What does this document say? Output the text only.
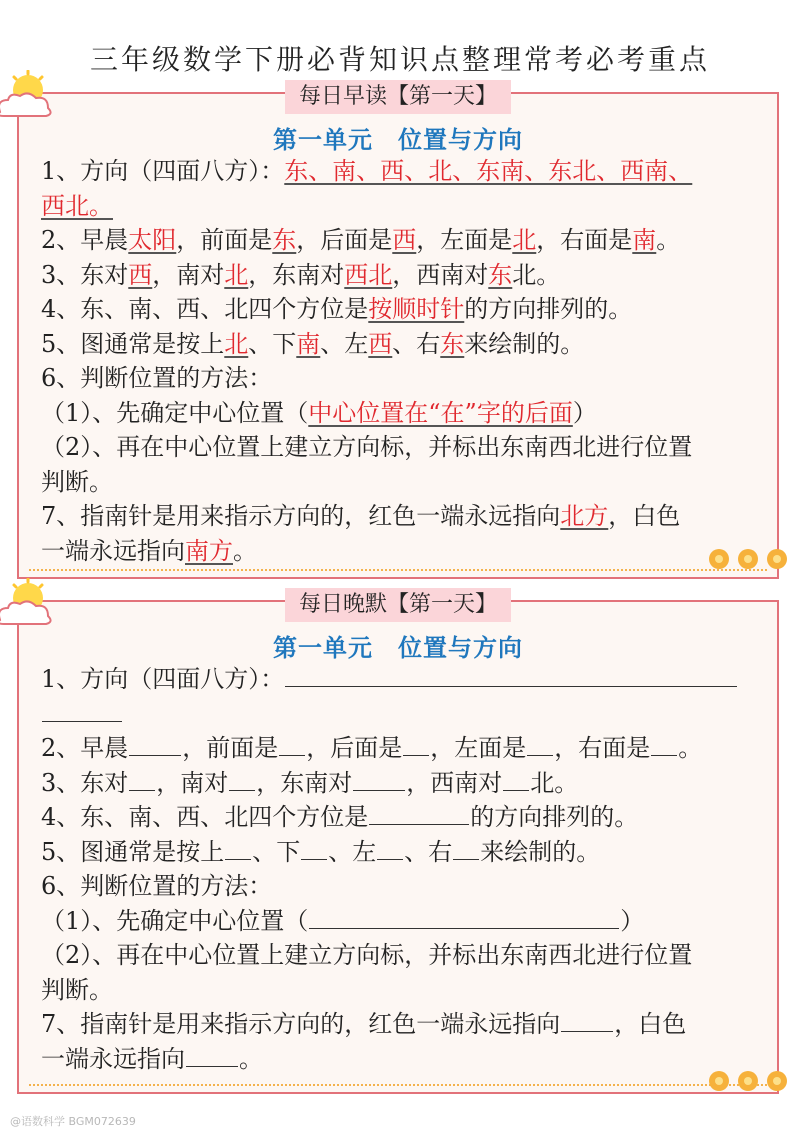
三年级数学下册必背知识点整理常考必考重点
每日早读【第一天】
第一单元　位置与方向
1、方向（四面八方）：东、南、西、北、东南、东北、西南、
西北。
2、早晨太阳，前面是东，后面是西，左面是北，右面是南。
3、东对西，南对北，东南对西北，西南对东北。
4、东、南、西、北四个方位是按顺时针的方向排列的。
5、图通常是按上北、下南、左西、右东来绘制的。
6、判断位置的方法：
（1）、先确定中心位置（中心位置在“在”字的后面）
（2）、再在中心位置上建立方向标，并标出东南西北进行位置
判断。
7、指南针是用来指示方向的，红色一端永远指向北方，白色
一端永远指向南方。
每日晚默【第一天】
第一单元　位置与方向
1、方向（四面八方）：
2、早晨 ，前面是 ，后面是 ，左面是 ，右面是 。
3、东对 ，南对 ，东南对 ，西南对 北。
4、东、南、西、北四个方位是	的方向排列的。
5、图通常是按上 、下 、左 、右 来绘制的。
6、判断位置的方法：
（1）、先确定中心位置（	）
（2）、再在中心位置上建立方向标，并标出东南西北进行位置
判断。
7、指南针是用来指示方向的，红色一端永远指向 ，白色
一端永远指向 。
@语数科学 BGM072639
